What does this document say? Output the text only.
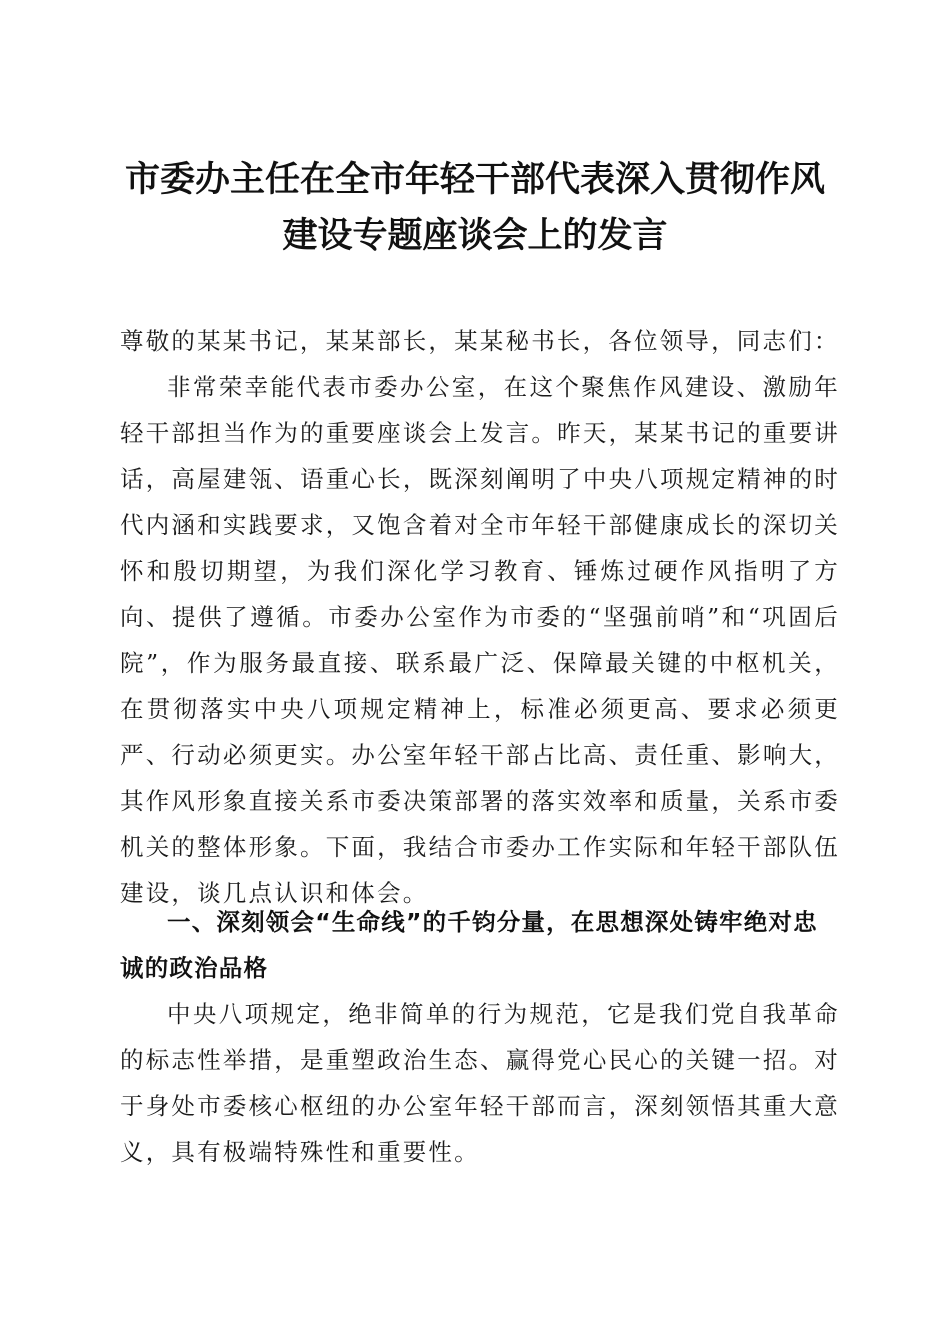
市委办主任在全市年轻干部代表深入贯彻作风
建设专题座谈会上的发言
尊敬的某某书记，某某部长，某某秘书长，各位领导，同志们：

非常荣幸能代表市委办公室，在这个聚焦作风建设、激励年轻干部担当作为的重要座谈会上发言。昨天，某某书记的重要讲话，高屋建瓴、语重心长，既深刻阐明了中央八项规定精神的时代内涵和实践要求，又饱含着对全市年轻干部健康成长的深切关怀和殷切期望，为我们深化学习教育、锤炼过硬作风指明了方向、提供了遵循。市委办公室作为市委的“坚强前哨”和“巩固后院”，作为服务最直接、联系最广泛、保障最关键的中枢机关，在贯彻落实中央八项规定精神上，标准必须更高、要求必须更严、行动必须更实。办公室年轻干部占比高、责任重、影响大，其作风形象直接关系市委决策部署的落实效率和质量，关系市委机关的整体形象。下面，我结合市委办工作实际和年轻干部队伍建设，谈几点认识和体会。

一、深刻领会“生命线”的千钧分量，在思想深处铸牢绝对忠诚的政治品格

中央八项规定，绝非简单的行为规范，它是我们党自我革命的标志性举措，是重塑政治生态、赢得党心民心的关键一招。对于身处市委核心枢纽的办公室年轻干部而言，深刻领悟其重大意义，具有极端特殊性和重要性。
